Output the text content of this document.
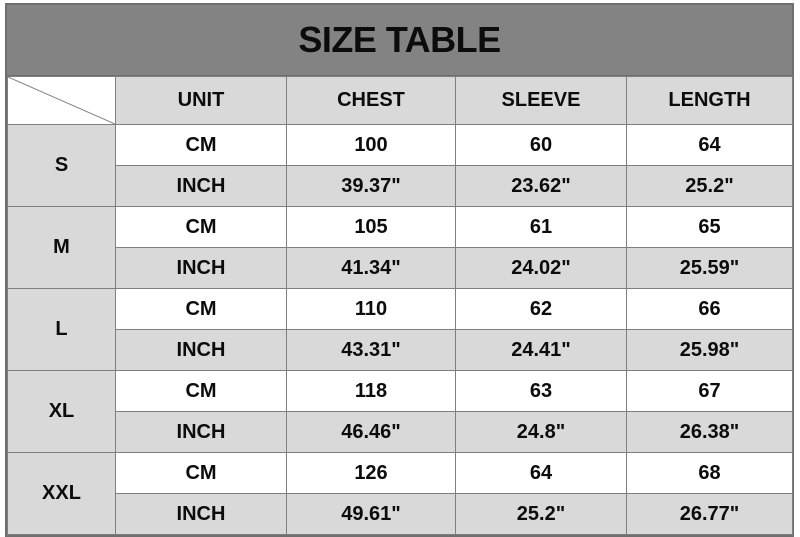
SIZE TABLE
	UNIT	CHEST	SLEEVE	LENGTH
S	CM	100	60	64
	INCH	39.37"	23.62"	25.2"
M	CM	105	61	65
	INCH	41.34"	24.02"	25.59"
L	CM	110	62	66
	INCH	43.31"	24.41"	25.98"
XL	CM	118	63	67
	INCH	46.46"	24.8"	26.38"
XXL	CM	126	64	68
	INCH	49.61"	25.2"	26.77"
